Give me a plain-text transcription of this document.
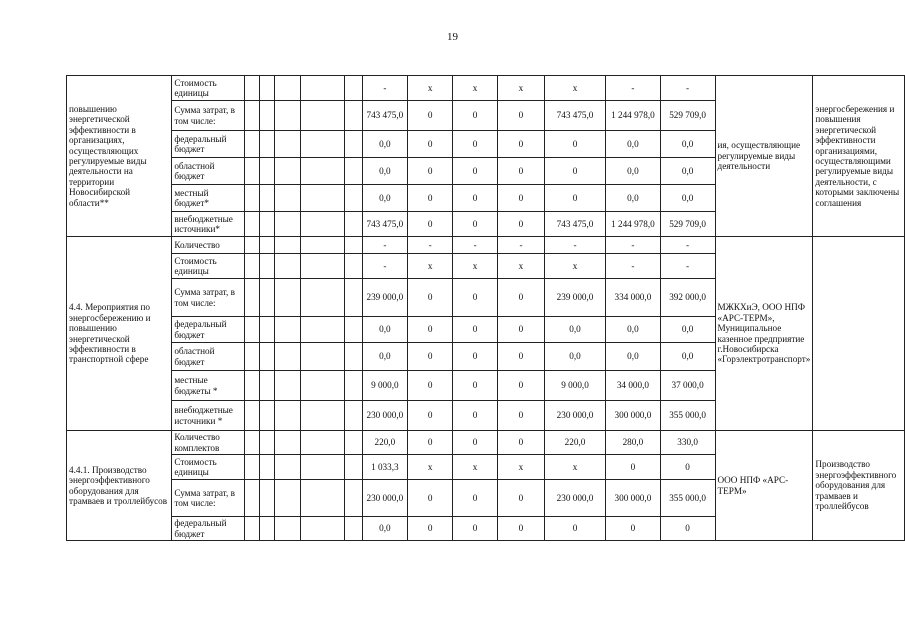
19
повышению энергетической эффективности в организациях, осуществляющих регулируемые виды деятельности на территории Новосибирской области**	Стоимость единицы						-	x	x	x	x	-	-	ия, осуществляющие регулируемые виды деятельности	энергосбережения и повышения энергетической эффективности организациями, осуществляющими регулируемые виды деятельности, с которыми заключены соглашения
	Сумма затрат, в том числе:						743 475,0	0	0	0	743 475,0	1 244 978,0	529 709,0		
	федеральный бюджет						0,0	0	0	0	0	0,0	0,0		
	областной бюджет						0,0	0	0	0	0	0,0	0,0		
	местный бюджет*						0,0	0	0	0	0	0,0	0,0		
	внебюджетные источники*						743 475,0	0	0	0	743 475,0	1 244 978,0	529 709,0		
4.4. Мероприятия по энергосбережению и повышению энергетической эффективности в транспортной сфере	Количество						-	-	-	-	-	-	-	МЖКХиЭ, ООО НПФ «АРС-ТЕРМ», Муниципальное казенное предприятие г.Новосибирска «Горэлектротранспорт»	
	Стоимость единицы						-	x	x	x	x	-	-		
	Сумма затрат, в том числе:						239 000,0	0	0	0	239 000,0	334 000,0	392 000,0		
	федеральный бюджет						0,0	0	0	0	0,0	0,0	0,0		
	областной бюджет						0,0	0	0	0	0,0	0,0	0,0		
	местные бюджеты *						9 000,0	0	0	0	9 000,0	34 000,0	37 000,0		
	внебюджетные источники *						230 000,0	0	0	0	230 000,0	300 000,0	355 000,0		
4.4.1. Производство энергоэффективного оборудования для трамваев и троллейбусов	Количество комплектов						220,0	0	0	0	220,0	280,0	330,0	ООО НПФ «АРС-ТЕРМ»	Производство энергоэффективного оборудования для трамваев и троллейбусов
	Стоимость единицы						1 033,3	x	x	x	x	0	0		
	Сумма затрат, в том числе:						230 000,0	0	0	0	230 000,0	300 000,0	355 000,0		
	федеральный бюджет						0,0	0	0	0	0	0	0		
